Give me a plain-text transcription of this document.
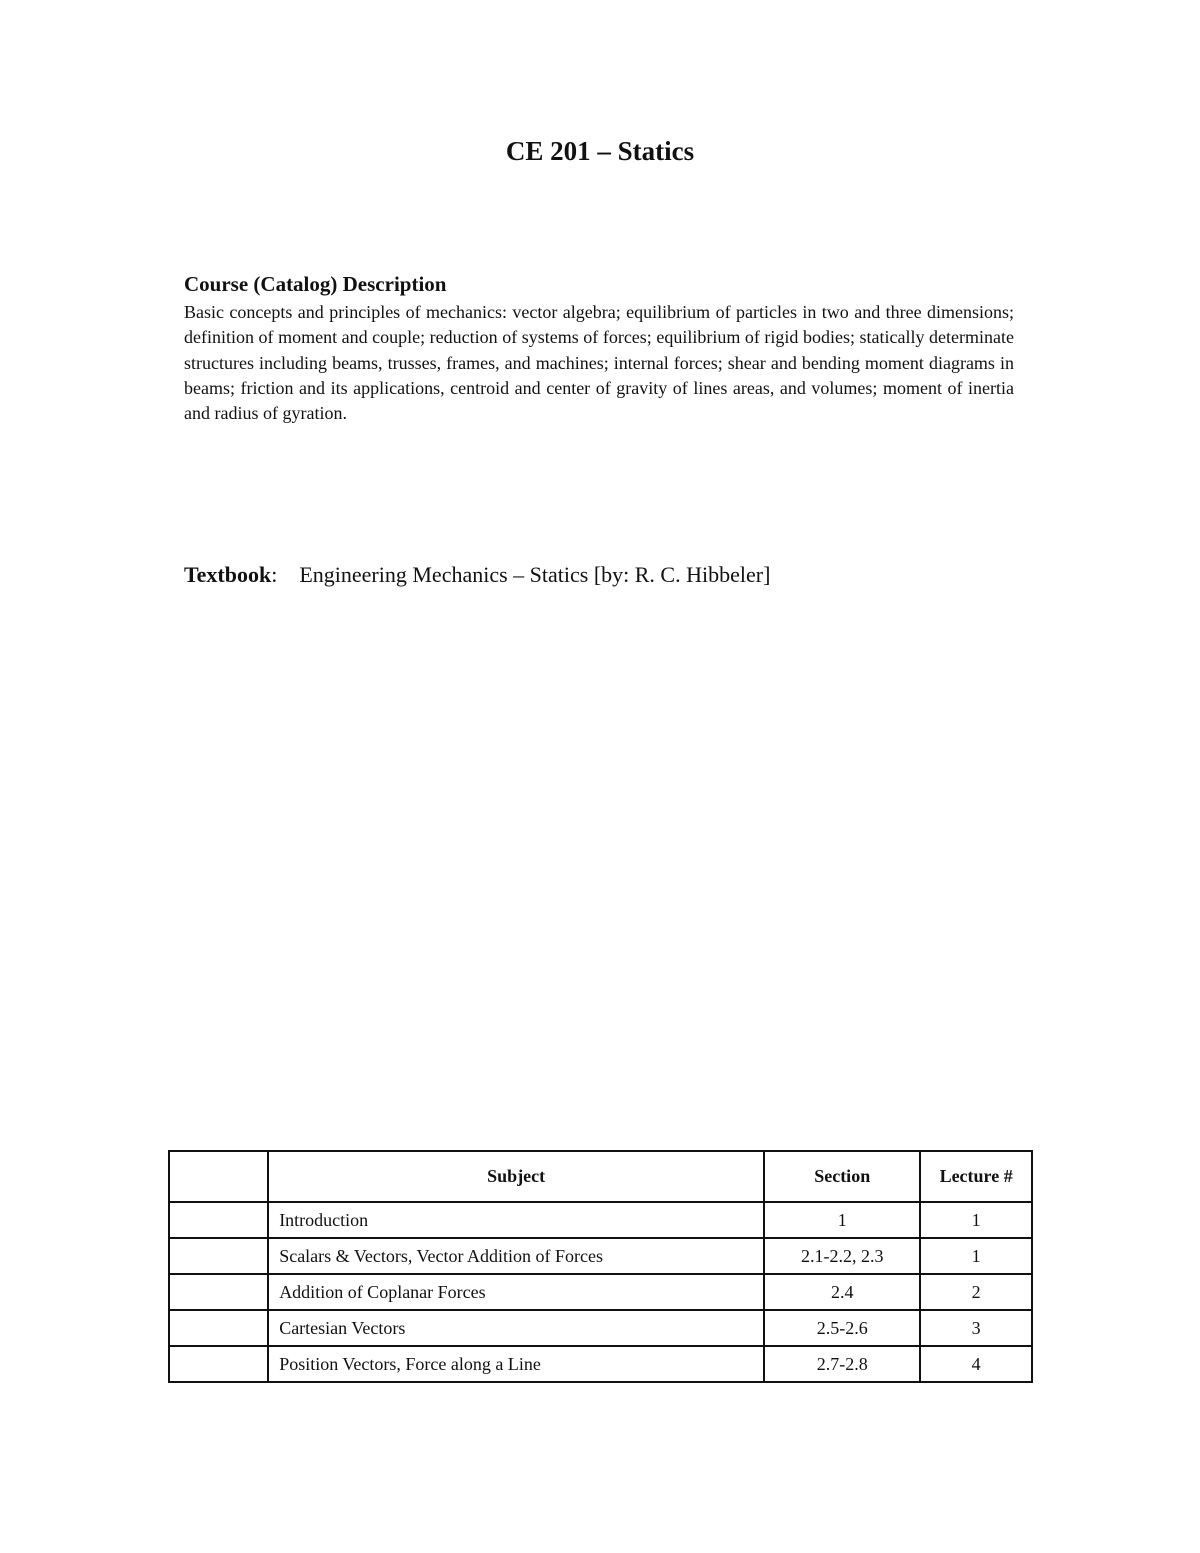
CE 201 – Statics
Course (Catalog) Description
Basic concepts and principles of mechanics: vector algebra; equilibrium of particles in two and three dimensions; definition of moment and couple; reduction of systems of forces; equilibrium of rigid bodies; statically determinate structures including beams, trusses, frames, and machines; internal forces; shear and bending moment diagrams in beams; friction and its applications, centroid and center of gravity of lines areas, and volumes; moment of inertia and radius of gyration.
Textbook: Engineering Mechanics – Statics [by: R. C. Hibbeler]
	Subject	Section	Lecture #
	Introduction	1	1
	Scalars & Vectors, Vector Addition of Forces	2.1-2.2, 2.3	1
	Addition of Coplanar Forces	2.4	2
	Cartesian Vectors	2.5-2.6	3
	Position Vectors, Force along a Line	2.7-2.8	4
